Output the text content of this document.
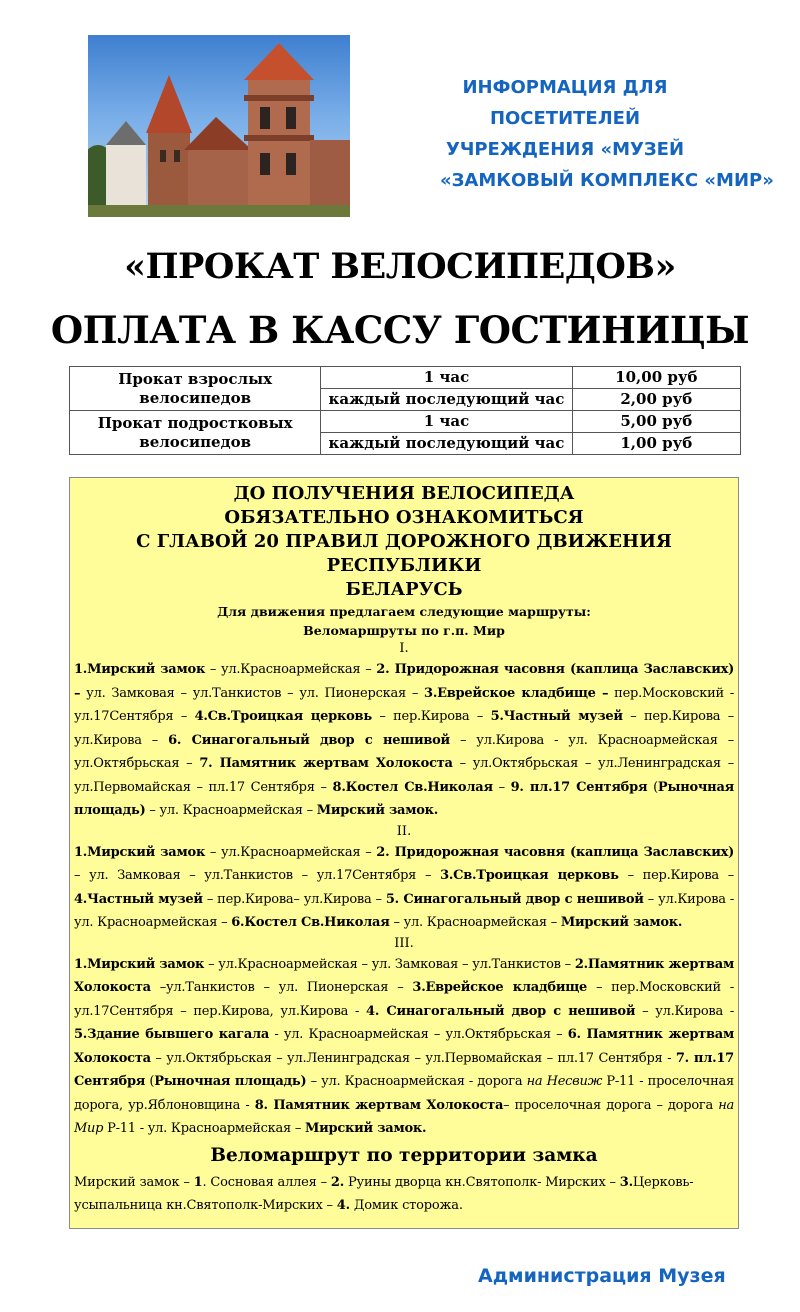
ИНФОРМАЦИЯ ДЛЯ
ПОСЕТИТЕЛЕЙ
УЧРЕЖДЕНИЯ «МУЗЕЙ
«ЗАМКОВЫЙ КОМПЛЕКС «МИР»
«ПРОКАТ ВЕЛОСИПЕДОВ»
ОПЛАТА В КАССУ ГОСТИНИЦЫ
Прокат взрослых
велосипедов	1 час	10,00 руб
	каждый последующий час	2,00 руб
Прокат подростковых
велосипедов	1 час	5,00 руб
	каждый последующий час	1,00 руб
ДО ПОЛУЧЕНИЯ ВЕЛОСИПЕДА
ОБЯЗАТЕЛЬНО ОЗНАКОМИТЬСЯ
С ГЛАВОЙ 20 ПРАВИЛ ДОРОЖНОГО ДВИЖЕНИЯ РЕСПУБЛИКИ
БЕЛАРУСЬ
Для движения предлагаем следующие маршруты:
Веломаршруты по г.п. Мир
I.
1.Мирский замок – ул.Красноармейская – 2. Придорожная часовня (каплица Заславских) – ул. Замковая – ул.Танкистов – ул. Пионерская – 3.Еврейское кладбище – пер.Московский - ул.17Сентября – 4.Св.Троицкая церковь – пер.Кирова – 5.Частный музей – пер.Кирова – ул.Кирова – 6. Синагогальный двор с нешивой – ул.Кирова - ул. Красноармейская –ул.Октябрьская – 7. Памятник жертвам Холокоста – ул.Октябрьская – ул.Ленинградская – ул.Первомайская – пл.17 Сентября – 8.Костел Св.Николая – 9. пл.17 Сентября (Рыночная площадь) – ул. Красноармейская – Мирский замок.
II.
1.Мирский замок – ул.Красноармейская – 2. Придорожная часовня (каплица Заславских) – ул. Замковая – ул.Танкистов – ул.17Сентября – 3.Св.Троицкая церковь – пер.Кирова – 4.Частный музей – пер.Кирова– ул.Кирова – 5. Синагогальный двор с нешивой – ул.Кирова - ул. Красноармейская – 6.Костел Св.Николая – ул. Красноармейская – Мирский замок.
III.
1.Мирский замок – ул.Красноармейская – ул. Замковая – ул.Танкистов – 2.Памятник жертвам Холокоста –ул.Танкистов – ул. Пионерская – 3.Еврейское кладбище – пер.Московский - ул.17Сентября – пер.Кирова, ул.Кирова - 4. Синагогальный двор с нешивой – ул.Кирова - 5.Здание бывшего кагала - ул. Красноармейская – ул.Октябрьская – 6. Памятник жертвам Холокоста – ул.Октябрьская – ул.Ленинградская – ул.Первомайская – пл.17 Сентября - 7. пл.17 Сентября (Рыночная площадь) – ул. Красноармейская - дорога на Несвиж Р-11 - проселочная дорога, ур.Яблоновщина - 8. Памятник жертвам Холокоста– проселочная дорога – дорога на Мир Р-11 - ул. Красноармейская – Мирский замок.
Веломаршрут по территории замка
Мирский замок – 1. Сосновая аллея – 2. Руины дворца кн.Святополк- Мирских – 3.Церковь-усыпальница кн.Святополк-Мирских – 4. Домик сторожа.
Администрация Музея
